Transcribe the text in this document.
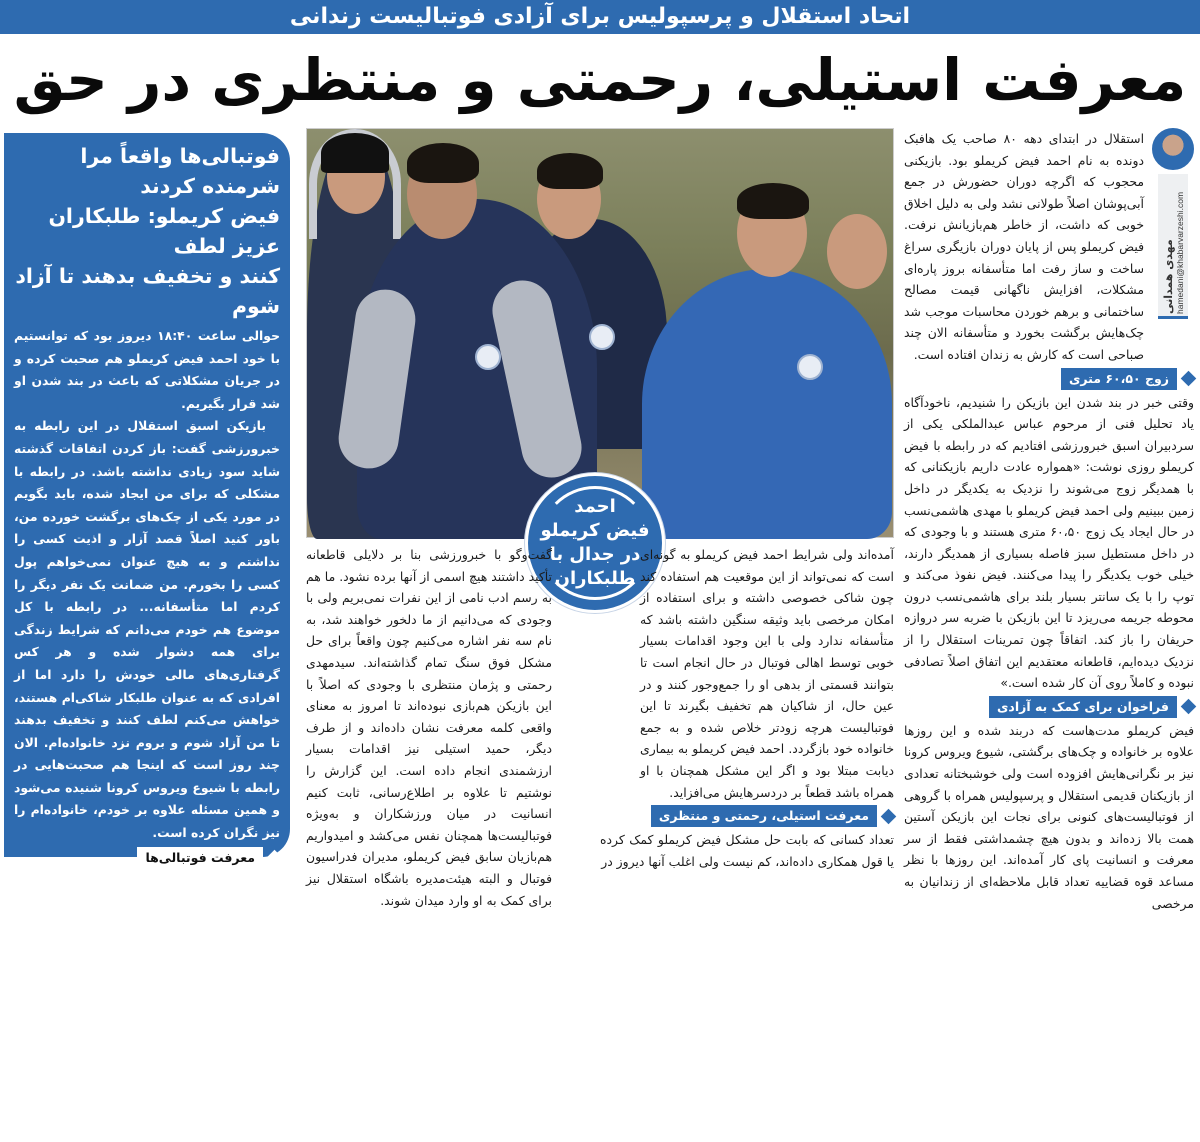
اتحاد استقلال و پرسپولیس برای آزادی فوتبالیست زندانی
معرفت استیلی، رحمتی و منتظری در حق
فوتبالی‌ها واقعاً مرا شرمنده کردند
فیض کریملو: طلبکاران عزیز لطف
کنند و تخفیف بدهند تا آزاد شوم

حوالی ساعت ۱۸:۴۰ دیروز بود که توانستیم با خود احمد فیض کریملو هم صحبت کرده و در جریان مشکلاتی که باعث در بند شدن او شد قرار بگیریم.

بازیکن اسبق استقلال در این رابطه به خبرورزشی گفت: باز کردن اتفاقات گذشته شاید سود زیادی نداشته باشد. در رابطه با مشکلی که برای من ایجاد شده، باید بگویم در مورد یکی از چک‌های برگشت خورده من، باور کنید اصلاً قصد آزار و اذیت کسی را نداشتم و به هیچ عنوان نمی‌خواهم پول کسی را بخورم. من ضمانت یک نفر دیگر را کردم اما متأسفانه... در رابطه با کل موضوع هم خودم می‌دانم که شرایط زندگی برای همه دشوار شده و هر کس گرفتاری‌های مالی خودش را دارد اما از افرادی که به عنوان طلبکار شاکی‌ام هستند، خواهش می‌کنم لطف کنند و تخفیف بدهند تا من آزاد شوم و بروم نزد خانواده‌ام. الان چند روز است که اینجا هم صحبت‌هایی در رابطه با شیوع ویروس کرونا شنیده می‌شود و همین مسئله علاوه بر خودم، خانواده‌ام را نیز نگران کرده است.

معرفت فوتبالی‌ها

فیض کریملو در رابطه با تکاپوی گروهی از اهالی فوتبال برای حل مشکل خودش نیز تصریح کرد: واقعاً دم همه آنها گرم. معرفت را در حق من تمام کردند. بازیکنانی برای کمک به من وارد میدان شده‌اند که در تمام دوران فوتبالم حتی یک بار هم جلو آنها بازی نکردم. واقعاً شرمنده‌ام کردند. چند نفر از اهالی هنر هم برای حل مسئله وارد شده‌اند که از آنها نیز تشکر می‌کنم همین‌طور از بچه‌های رسانه که پیگیر ماجرا شدند. ان‌شاءالله آزاد شوم و محبت همه این عزیزان را جبران کنم.

احمد
فیض کریملو
در جدال با
طلبکاران

گفت‌وگو با خبرورزشی بنا بر دلایلی قاطعانه تأکید داشتند هیچ اسمی از آنها برده نشود. ما هم به رسم ادب نامی از این نفرات نمی‌بریم ولی با وجودی که می‌دانیم از ما دلخور خواهند شد، به نام سه نفر اشاره می‌کنیم چون واقعاً برای حل مشکل فوق سنگ تمام گذاشته‌اند. سیدمهدی رحمتی و پژمان منتظری با وجودی که اصلاً با این بازیکن هم‌بازی نبوده‌اند تا امروز به معنای واقعی کلمه معرفت نشان داده‌اند و از طرف دیگر، حمید استیلی نیز اقدامات بسیار ارزشمندی انجام داده است. این گزارش را نوشتیم تا علاوه بر اطلاع‌رسانی، ثابت کنیم انسانیت در میان ورزشکاران و به‌ویژه فوتبالیست‌ها همچنان نفس می‌کشد و امیدواریم هم‌بازیان سابق فیض کریملو، مدیران فدراسیون فوتبال و البته هیئت‌مدیره باشگاه استقلال نیز برای کمک به او وارد میدان شوند.

آمده‌اند ولی شرایط احمد فیض کریملو به گونه‌ای است که نمی‌تواند از این موقعیت هم استفاده کند چون شاکی خصوصی داشته و برای استفاده از امکان مرخصی باید وثیقه سنگین داشته باشد که متأسفانه ندارد ولی با این وجود اقدامات بسیار خوبی توسط اهالی فوتبال در حال انجام است تا بتوانند قسمتی از بدهی او را جمع‌وجور کنند و در عین حال، از شاکیان هم تخفیف بگیرند تا این فوتبالیست هرچه زودتر خلاص شده و به جمع خانواده خود بازگردد. احمد فیض کریملو به بیماری دیابت مبتلا بود و اگر این مشکل همچنان با او همراه باشد قطعاً بر دردسرهایش می‌افزاید.

معرفت استیلی، رحمتی و منتظری

تعداد کسانی که بابت حل مشکل فیض کریملو کمک کرده یا قول همکاری داده‌اند، کم نیست ولی اغلب آنها دیروز در

مهدی همدانی hamedani@khabarvarzeshi.com

استقلال در ابتدای دهه ۸۰ صاحب یک هافبک دونده به نام احمد فیض کریملو بود. بازیکنی محجوب که اگرچه دوران حضورش در جمع آبی‌پوشان اصلاً طولانی نشد ولی به دلیل اخلاق خوبی که داشت، از خاطر هم‌بازیانش نرفت. فیض کریملو پس از پایان دوران بازیگری سراغ ساخت و ساز رفت اما متأسفانه بروز پاره‌ای مشکلات، افزایش ناگهانی قیمت مصالح ساختمانی و برهم خوردن محاسبات موجب شد چک‌هایش برگشت بخورد و متأسفانه الان چند صباحی است که کارش به زندان افتاده است.

زوج ۶۰،۵۰ متری

وقتی خبر در بند شدن این بازیکن را شنیدیم، ناخودآگاه یاد تحلیل فنی از مرحوم عباس عبدالملکی یکی از سردبیران اسبق خبرورزشی افتادیم که در رابطه با فیض کریملو روزی نوشت: «همواره عادت داریم بازیکنانی که با همدیگر زوج می‌شوند را نزدیک به یکدیگر در داخل زمین ببینیم ولی احمد فیض کریملو با مهدی هاشمی‌نسب در حال ایجاد یک زوج ۶۰،۵۰ متری هستند و با وجودی که در داخل مستطیل سبز فاصله بسیاری از همدیگر دارند، خیلی خوب یکدیگر را پیدا می‌کنند. فیض نفوذ می‌کند و توپ را با یک سانتر بسیار بلند برای هاشمی‌نسب درون محوطه جریمه می‌ریزد تا این بازیکن با ضربه سر دروازه حریفان را باز کند. اتفاقاً چون تمرینات استقلال را از نزدیک دیده‌ایم، قاطعانه معتقدیم این اتفاق اصلاً تصادفی نبوده و کاملاً روی آن کار شده است.»

فراخوان برای کمک به آزادی

فیض کریملو مدت‌هاست که دربند شده و این روزها علاوه بر خانواده و چک‌های برگشتی، شیوع ویروس کرونا نیز بر نگرانی‌هایش افزوده است ولی خوشبختانه تعدادی از بازیکنان قدیمی استقلال و پرسپولیس همراه با گروهی از فوتبالیست‌های کنونی برای نجات این بازیکن آستین همت بالا زده‌اند و بدون هیچ چشمداشتی فقط از سر معرفت و انسانیت پای کار آمده‌اند. این روزها با نظر مساعد قوه قضاییه تعداد قابل ملاحظه‌ای از زندانیان به مرخصی
